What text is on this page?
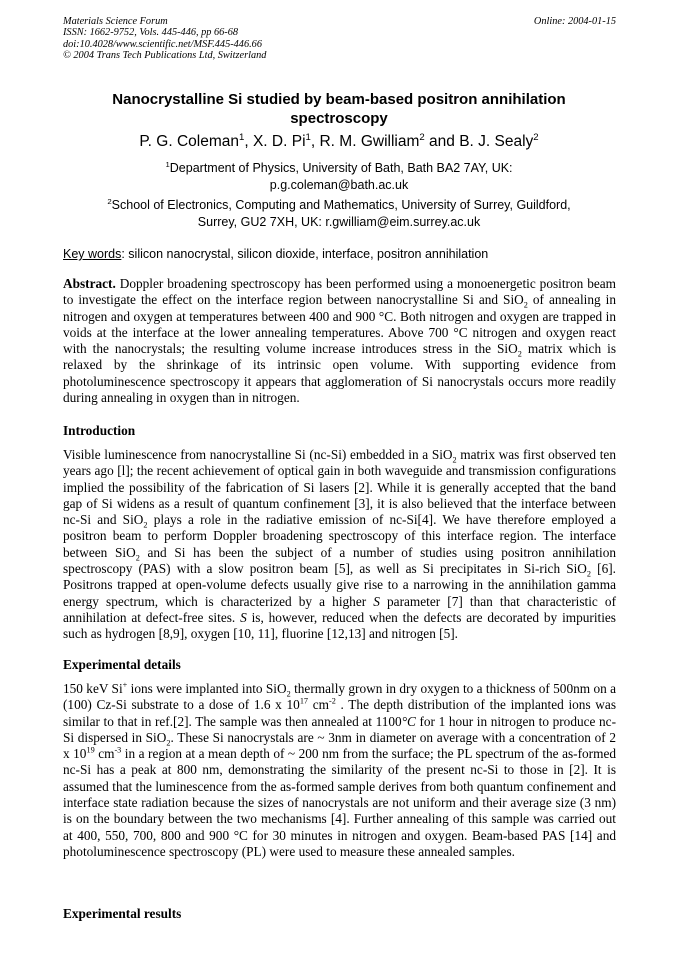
Materials Science Forum
ISSN: 1662-9752, Vols. 445-446, pp 66-68
doi:10.4028/www.scientific.net/MSF.445-446.66
© 2004 Trans Tech Publications Ltd, Switzerland
Online: 2004-01-15
Nanocrystalline Si studied by beam-based positron annihilation
spectroscopy
P. G. Coleman$^1$, X. D. Pi$^1$, R. M. Gwilliam$^2$ and B. J. Sealy$^2$
$^1$Department of Physics, University of Bath, Bath BA2 7AY, UK:
p.g.coleman@bath.ac.uk
$^2$School of Electronics, Computing and Mathematics, University of Surrey, Guildford,
Surrey, GU2 7XH, UK: r.gwilliam@eim.surrey.ac.uk
Key words: silicon nanocrystal, silicon dioxide, interface, positron annihilation
Abstract. Doppler broadening spectroscopy has been performed using a monoenergetic positron beam to investigate the effect on the interface region between nanocrystalline Si and SiO$_2$ of annealing in nitrogen and oxygen at temperatures between 400 and 900 °C. Both nitrogen and oxygen are trapped in voids at the interface at the lower annealing temperatures. Above 700 °C nitrogen and oxygen react with the nanocrystals; the resulting volume increase introduces stress in the SiO$_2$ matrix which is relaxed by the shrinkage of its intrinsic open volume. With supporting evidence from photoluminescence spectroscopy it appears that agglomeration of Si nanocrystals occurs more readily during annealing in oxygen than in nitrogen.
Introduction
Visible luminescence from nanocrystalline Si (nc-Si) embedded in a SiO$_2$ matrix was first observed ten years ago [l]; the recent achievement of optical gain in both waveguide and transmission configurations implied the possibility of the fabrication of Si lasers [2]. While it is generally accepted that the band gap of Si widens as a result of quantum confinement [3], it is also believed that the interface between nc-Si and SiO$_2$ plays a role in the radiative emission of nc-Si[4]. We have therefore employed a positron beam to perform Doppler broadening spectroscopy of this interface region. The interface between SiO$_2$ and Si has been the subject of a number of studies using positron annihilation spectroscopy (PAS) with a slow positron beam [5], as well as Si precipitates in Si-rich SiO$_2$ [6]. Positrons trapped at open-volume defects usually give rise to a narrowing in the annihilation gamma energy spectrum, which is characterized by a higher S parameter [7] than that characteristic of annihilation at defect-free sites. S is, however, reduced when the defects are decorated by impurities such as hydrogen [8,9], oxygen [10, 11], fluorine [12,13] and nitrogen [5].
Experimental details
150 keV Si+ ions were implanted into SiO$_2$ thermally grown in dry oxygen to a thickness of 500nm on a (100) Cz-Si substrate to a dose of 1.6 x $10^{17}$ $cm^{-2}$ . The depth distribution of the implanted ions was similar to that in ref.[2]. The sample was then annealed at 1100°C for 1 hour in nitrogen to produce nc-Si dispersed in SiO$_2$. These Si nanocrystals are ~ 3nm in diameter on average with a concentration of 2 x $10^{19}$ $cm^{-3}$ in a region at a mean depth of ~ 200 nm from the surface; the PL spectrum of the as-formed nc-Si has a peak at 800 nm, demonstrating the similarity of the present nc-Si to those in [2]. It is assumed that the luminescence from the as-formed sample derives from both quantum confinement and interface state radiation because the sizes of nanocrystals are not uniform and their average size (3 nm) is on the boundary between the two mechanisms [4]. Further annealing of this sample was carried out at 400, 550, 700, 800 and 900 °C for 30 minutes in nitrogen and oxygen. Beam-based PAS [14] and photoluminescence spectroscopy (PL) were used to measure these annealed samples.
Experimental results
